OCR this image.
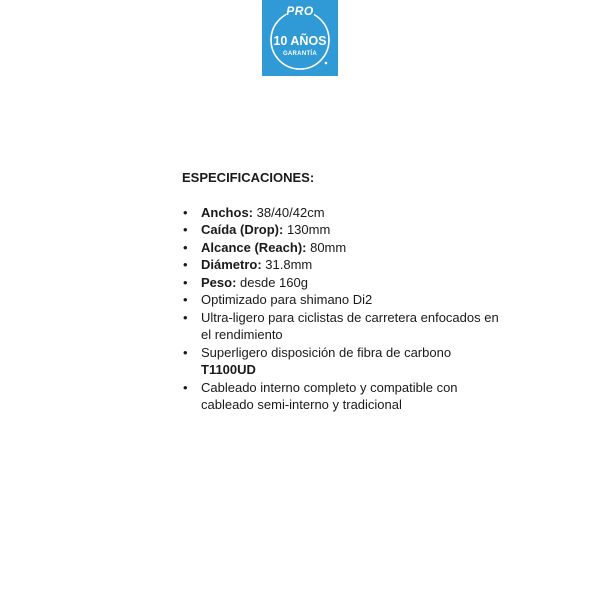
PRO
10 AÑOS
GARANTÍA
ESPECIFICACIONES:
• Anchos: 38/40/42cm
• Caída (Drop): 130mm
• Alcance (Reach): 80mm
• Diámetro: 31.8mm
• Peso: desde 160g
• Optimizado para shimano Di2
• Ultra-ligero para ciclistas de carretera enfocados en el rendimiento
• Superligero disposición de fibra de carbono
T1100UD
• Cableado interno completo y compatible con cableado semi-interno y tradicional
